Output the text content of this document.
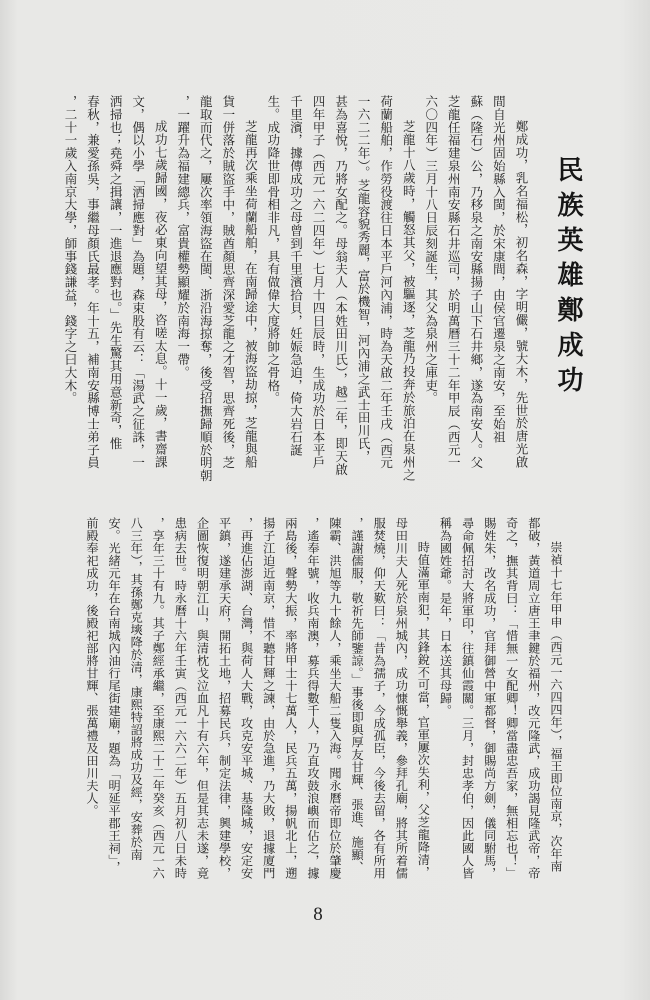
民族英雄鄭成功
鄭成功，乳名福松，初名森，字明儼，號大木，先世於唐光啟
間自光州固始縣入閩，於宋康間，由侯官遷泉之南安，至始祖
蘇（隆石）公，乃移泉之南安縣揚子山下石井鄉，遂為南安人。父
芝龍任福建泉州南安縣石井巡司，於明萬曆三十二年甲辰（西元一
六〇四年）三月十八日辰刻誕生，其父為泉州之庫吏。
芝龍十八歲時，觸怒其父，被驅逐，芝龍乃投奔於旅泊在泉州之
荷蘭船舶，作勞役渡往日本平戶河內浦，時為天啟二年壬戌（西元
一六二二年）。芝龍容貌秀麗，富於機智，河內浦之武士田川氏，
甚為喜悅，乃將女配之。母翁夫人（本姓田川氏），越二年，即天啟
四年甲子（西元一六二四年）七月十四日辰時，生成功於日本平戶
千里濱，據傳成功之母曾到千里濱拾貝，妊娠急迫，倚大岩石誕
生。成功降世即骨相非凡，具有做偉大度將帥之骨格。
芝龍再次乘坐荷蘭船舶，在南歸途中，被海盜劫掠，芝龍與船
貨一併落於賊盜手中，賊酋顏思齊深愛芝龍之才智，思齊死後，芝
龍取而代之，屢次率領海盜在閩、浙沿海掠奪，後受招撫歸順於明朝
，一躍升為福建總兵，富貴權勢顯耀於南海一帶。
成功七歲歸國，夜必東向望其母，咨嗟太息。十一歲，書齋課
文，偶以小學「洒掃應對」為題，森束股有云：「湯武之征誅，一
洒掃也；堯舜之揖讓，一進退應對也。」先生驚其用意新奇，惟
春秋，兼愛孫吳，事繼母顏氏最孝。年十五，補南安縣博士弟子員
，二十一歲入南京大學，師事錢謙益，錢字之曰大木。
崇禎十七年甲申（西元一六四四年），福王即位南京，次年南
都破，黃道周立唐王聿鍵於福州，改元隆武，成功謁見隆武帝，帝
奇之，撫其背曰：「惜無一女配卿！卿當盡忠吾家，無相忘也！」
賜姓朱，改名成功，官拜御營中軍都督，御賜尚方劍，儀同駙馬，
尋命佩招討大將軍印，往鎮仙霞關。三月，封忠孝伯，因此國人皆
稱為國姓爺。是年，日本送其母歸。
時值滿軍南犯，其鋒銳不可當，官軍屢次失利，父芝龍降清，
母田川夫人死於泉州城內，成功慷慨舉義，參拜孔廟，將其所着儒
服焚燒，仰天歎曰：「昔為孺子，今成孤臣，今後去留，各有所用
，謹謝儒服，敬祈先師鑒諒。」事後即與厚友甘輝、張進、施顯、
陳霸、洪旭等九十餘人，乘坐大船二隻入海。聞永曆帝即位於肇慶
，遙奉年號，收兵南澳，募兵得數千人，乃直攻鼓浪嶼而佔之，據
兩島後，聲勢大振，率將甲士十七萬人，民兵五萬，揚帆北上，遡
揚子江迫近南京，惜不聽甘輝之諫，由於急進，乃大敗，退據廈門
，再進佔澎湖、台灣，與荷人大戰，攻克安平城、基隆城，安定安
平鎮，遂建承天府，開拓土地，招募民兵，制定法律，興建學校，
企圖恢復明朝江山，與清枕戈泣血凡十有六年，但是其志未遂，竟
患病去世。時永曆十六年壬寅（西元一六六二年）五月初八日未時
，享年三十有九。其子鄭經承繼，至康熙二十二年癸亥（西元一六
八三年），其孫鄭克塽降於清，康熙特詔將成功及經，安葬於南
安。光緒元年在台南城內油行尾街建廟，題為「明延平郡王祠」，
前殿奉祀成功，後殿祀部將甘輝、張萬禮及田川夫人。
8
